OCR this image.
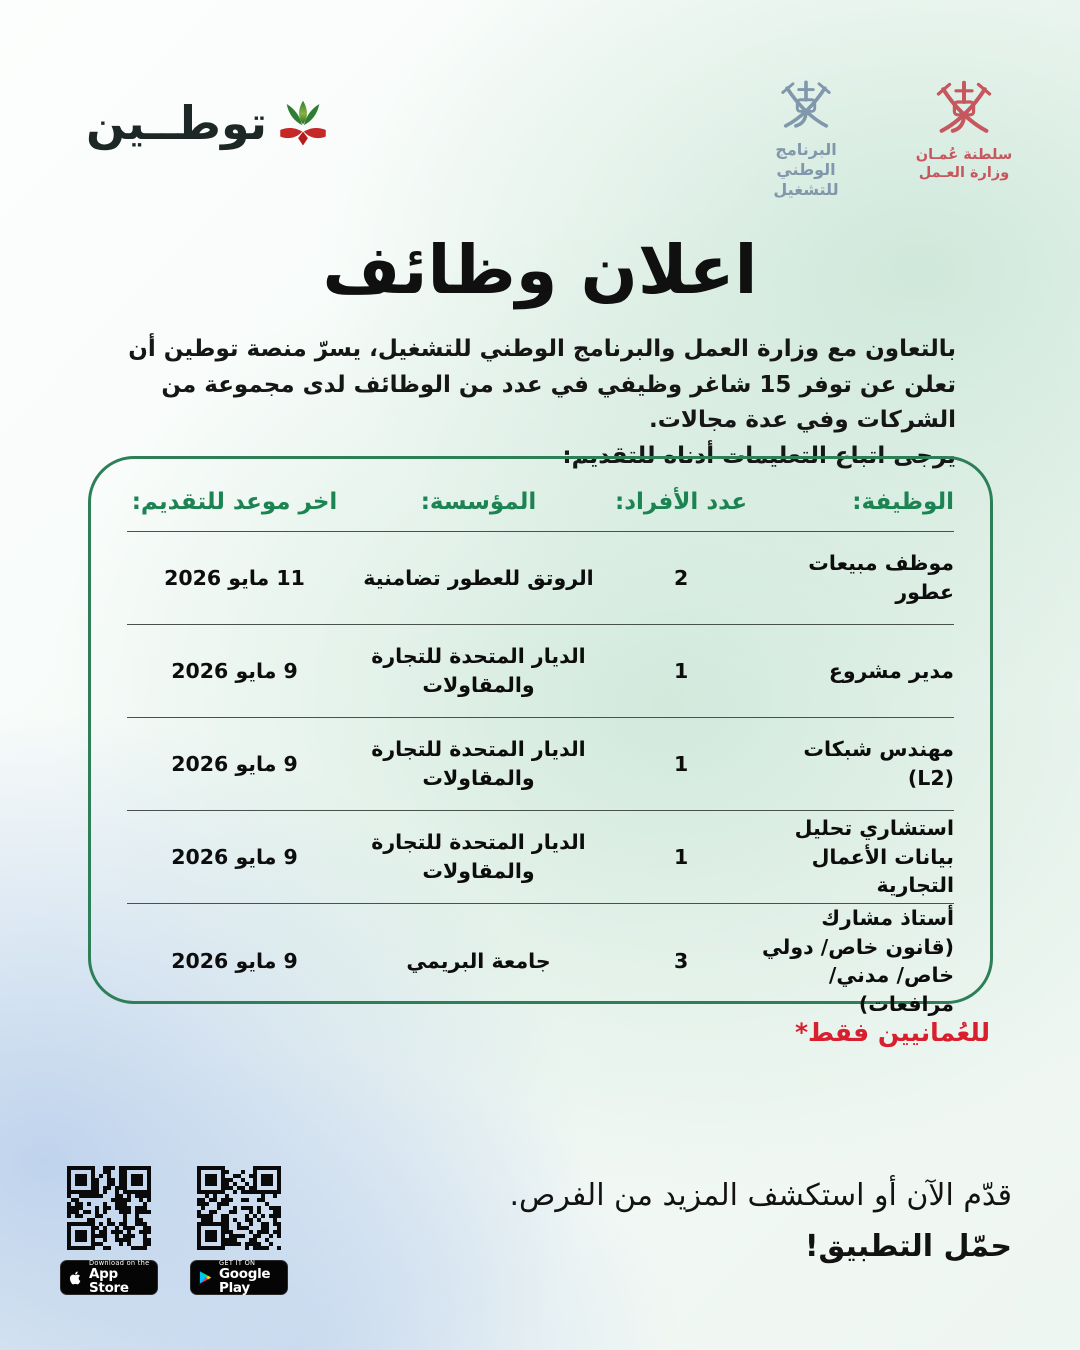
توطــين	البرنامج الوطني
للتشغيل
سلطنة عُمـان
وزارة العـمل
اعلان وظائف

بالتعاون مع وزارة العمل والبرنامج الوطني للتشغيل، يسرّ منصة توطين أن تعلن عن توفر 15 شاغر وظيفي في عدد من الوظائف لدى مجموعة من الشركات وفي عدة مجالات.

يرجى اتباع التعليمات أدناه للتقديم:

الوظيفة:
عدد الأفراد:
المؤسسة:
اخر موعد للتقديم:
موظف مبيعات عطور
2
الروتق للعطور تضامنية
11 مايو 2026
مدير مشروع
1
الديار المتحدة للتجارة والمقاولات
9 مايو 2026
مهندس شبكات (L2)
1
الديار المتحدة للتجارة والمقاولات
9 مايو 2026
استشاري تحليل بيانات الأعمال التجارية
1
الديار المتحدة للتجارة والمقاولات
9 مايو 2026
أستاذ مشارك (قانون خاص/ دولي خاص/ مدني/ مرافعات)
3
جامعة البريمي
9 مايو 2026
للعُمانيين فقط*

قدّم الآن أو استكشف المزيد من الفرص.

حمّل التطبيق!

Download on the
App Store
GET IT ON
Google Play
